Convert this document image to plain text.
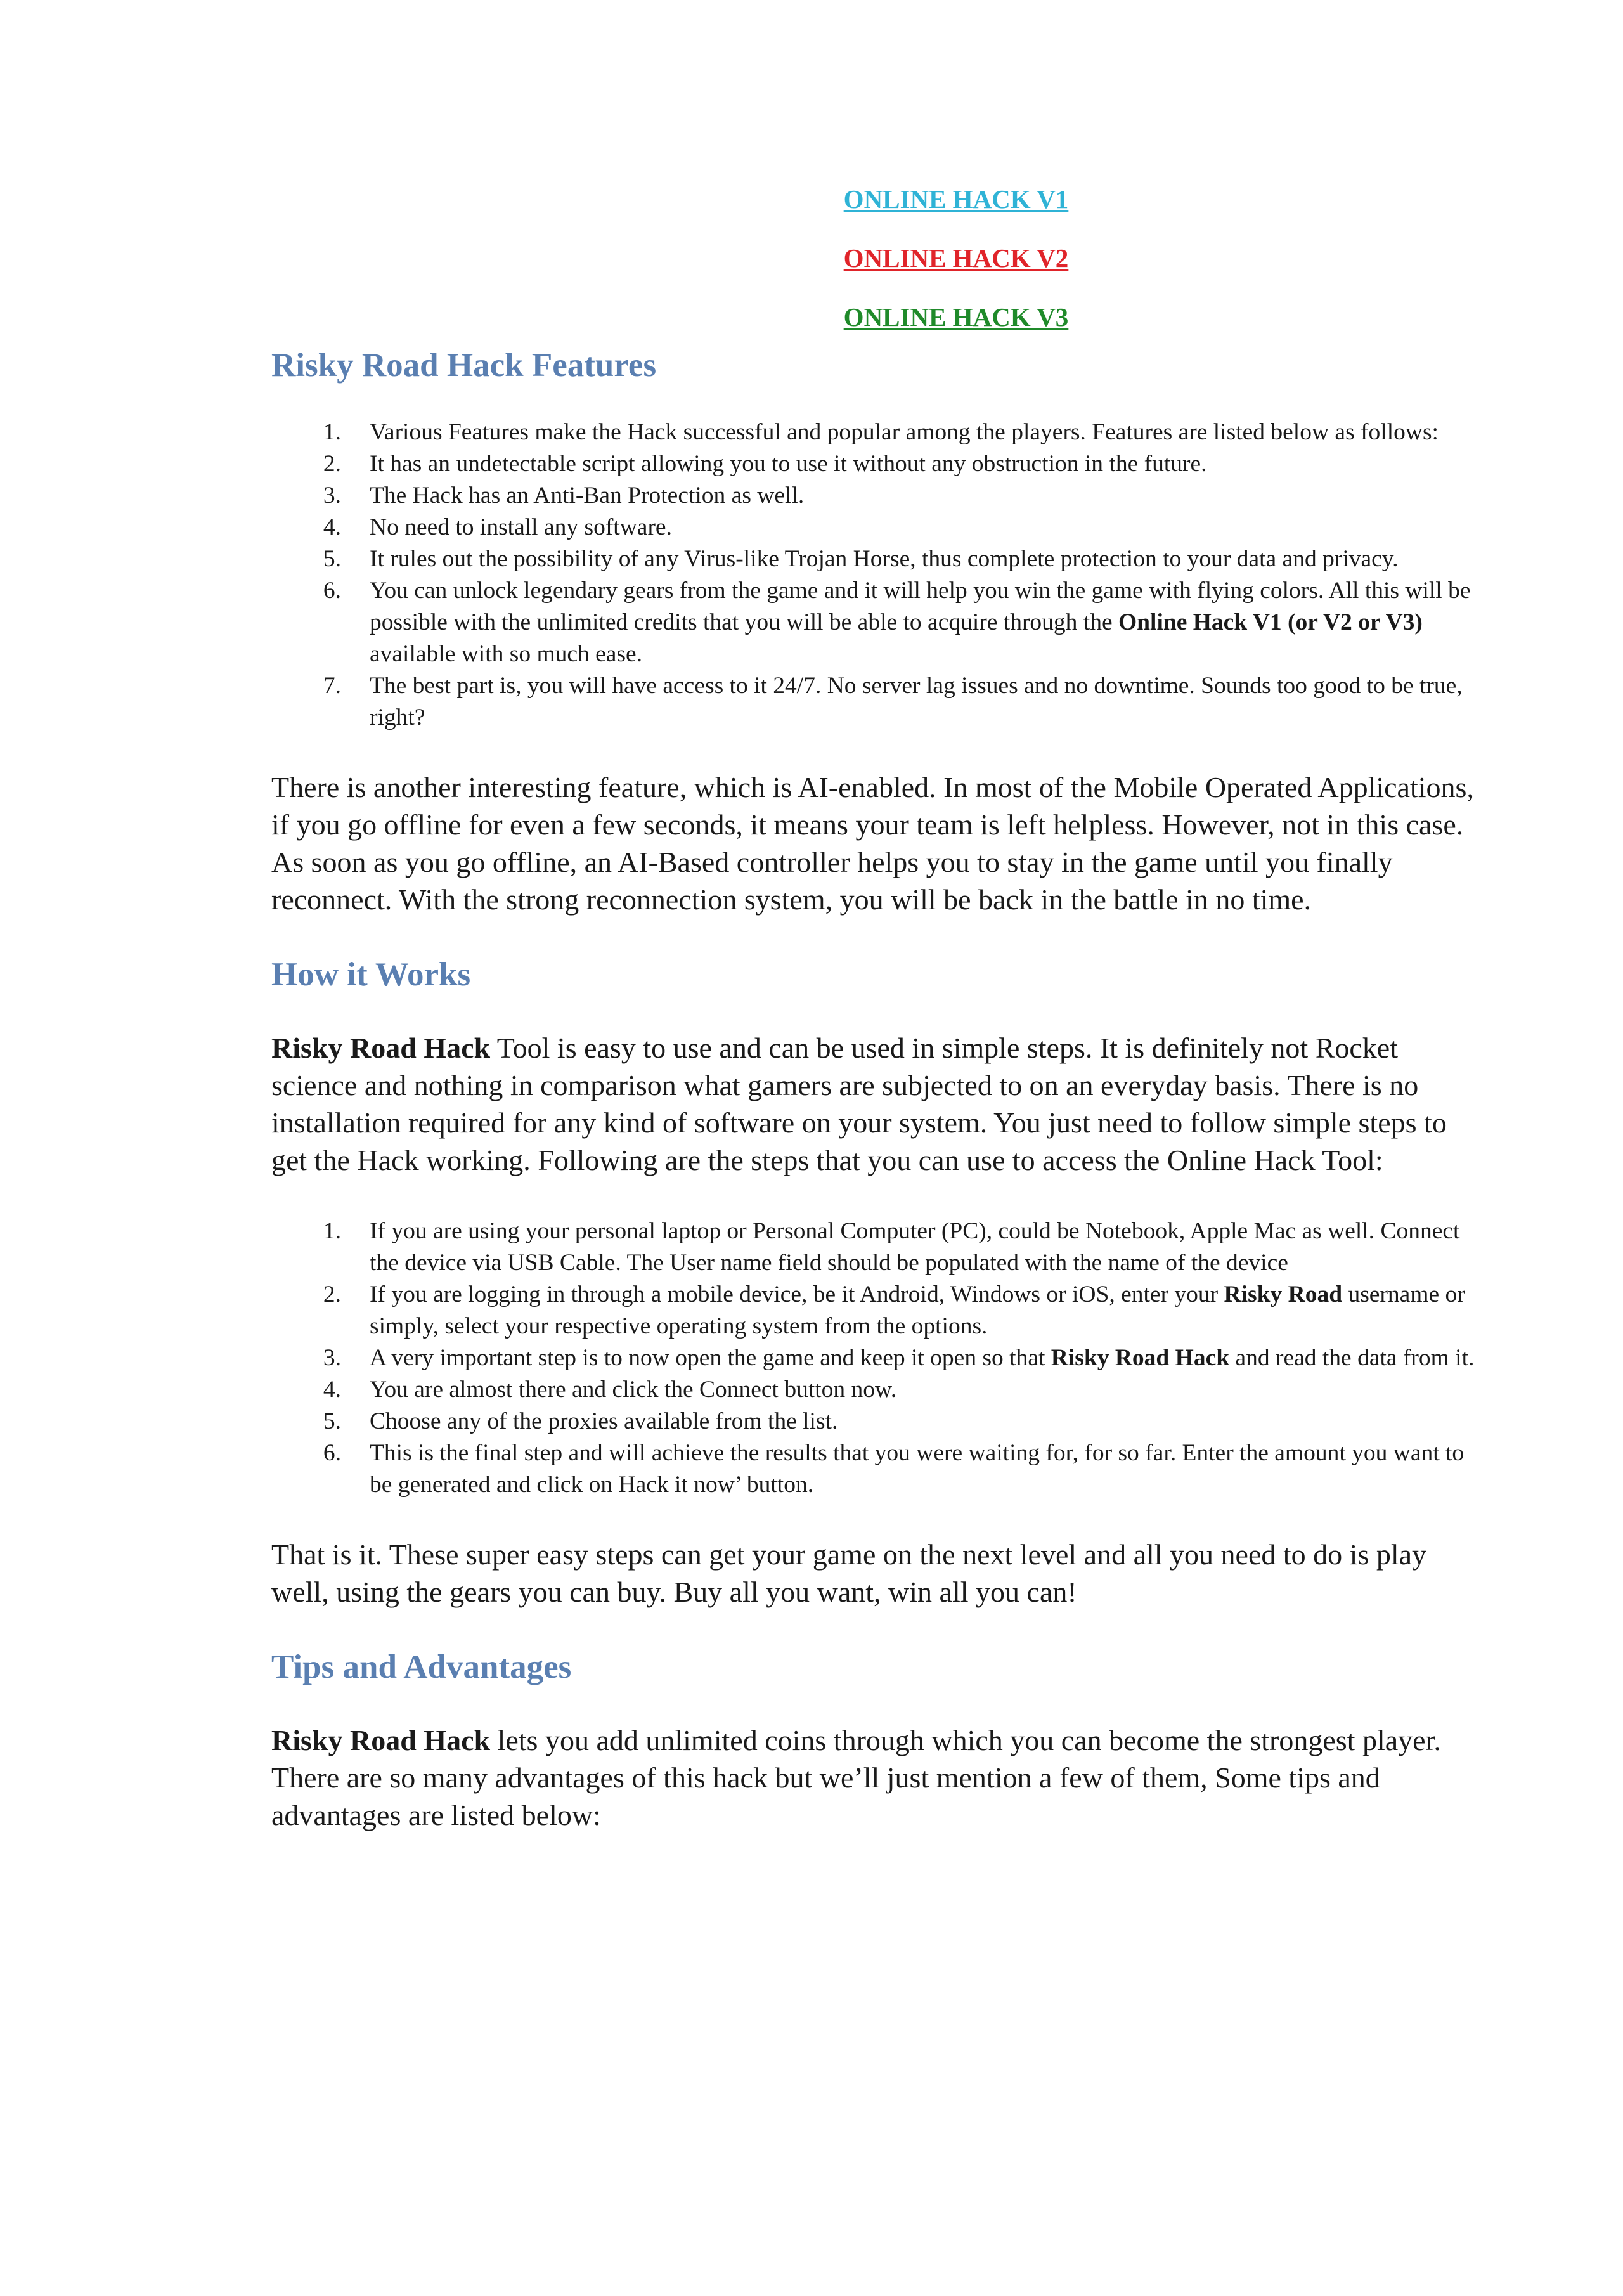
ONLINE HACK V1
ONLINE HACK V2
ONLINE HACK V3
Risky Road Hack Features
1. Various Features make the Hack successful and popular among the players. Features are listed below as follows:
2. It has an undetectable script allowing you to use it without any obstruction in the future.
3. The Hack has an Anti-Ban Protection as well.
4. No need to install any software.
5. It rules out the possibility of any Virus-like Trojan Horse, thus complete protection to your data and privacy.
6. You can unlock legendary gears from the game and it will help you win the game with flying colors. All this will be possible with the unlimited credits that you will be able to acquire through the Online Hack V1 (or V2 or V3) available with so much ease.
7. The best part is, you will have access to it 24/7. No server lag issues and no downtime. Sounds too good to be true, right?

There is another interesting feature, which is AI-enabled. In most of the Mobile Operated Applications, if you go offline for even a few seconds, it means your team is left helpless. However, not in this case. As soon as you go offline, an AI-Based controller helps you to stay in the game until you finally reconnect. With the strong reconnection system, you will be back in the battle in no time.

How it Works

Risky Road Hack Tool is easy to use and can be used in simple steps. It is definitely not Rocket science and nothing in comparison what gamers are subjected to on an everyday basis. There is no installation required for any kind of software on your system. You just need to follow simple steps to get the Hack working. Following are the steps that you can use to access the Online Hack Tool:

1. If you are using your personal laptop or Personal Computer (PC), could be Notebook, Apple Mac as well. Connect the device via USB Cable. The User name field should be populated with the name of the device
2. If you are logging in through a mobile device, be it Android, Windows or iOS, enter your Risky Road username or simply, select your respective operating system from the options.
3. A very important step is to now open the game and keep it open so that Risky Road Hack and read the data from it.
4. You are almost there and click the Connect button now.
5. Choose any of the proxies available from the list.
6. This is the final step and will achieve the results that you were waiting for, for so far. Enter the amount you want to be generated and click on Hack it now’ button.

That is it. These super easy steps can get your game on the next level and all you need to do is play well, using the gears you can buy. Buy all you want, win all you can!

Tips and Advantages

Risky Road Hack lets you add unlimited coins through which you can become the strongest player. There are so many advantages of this hack but we’ll just mention a few of them, Some tips and advantages are listed below:
